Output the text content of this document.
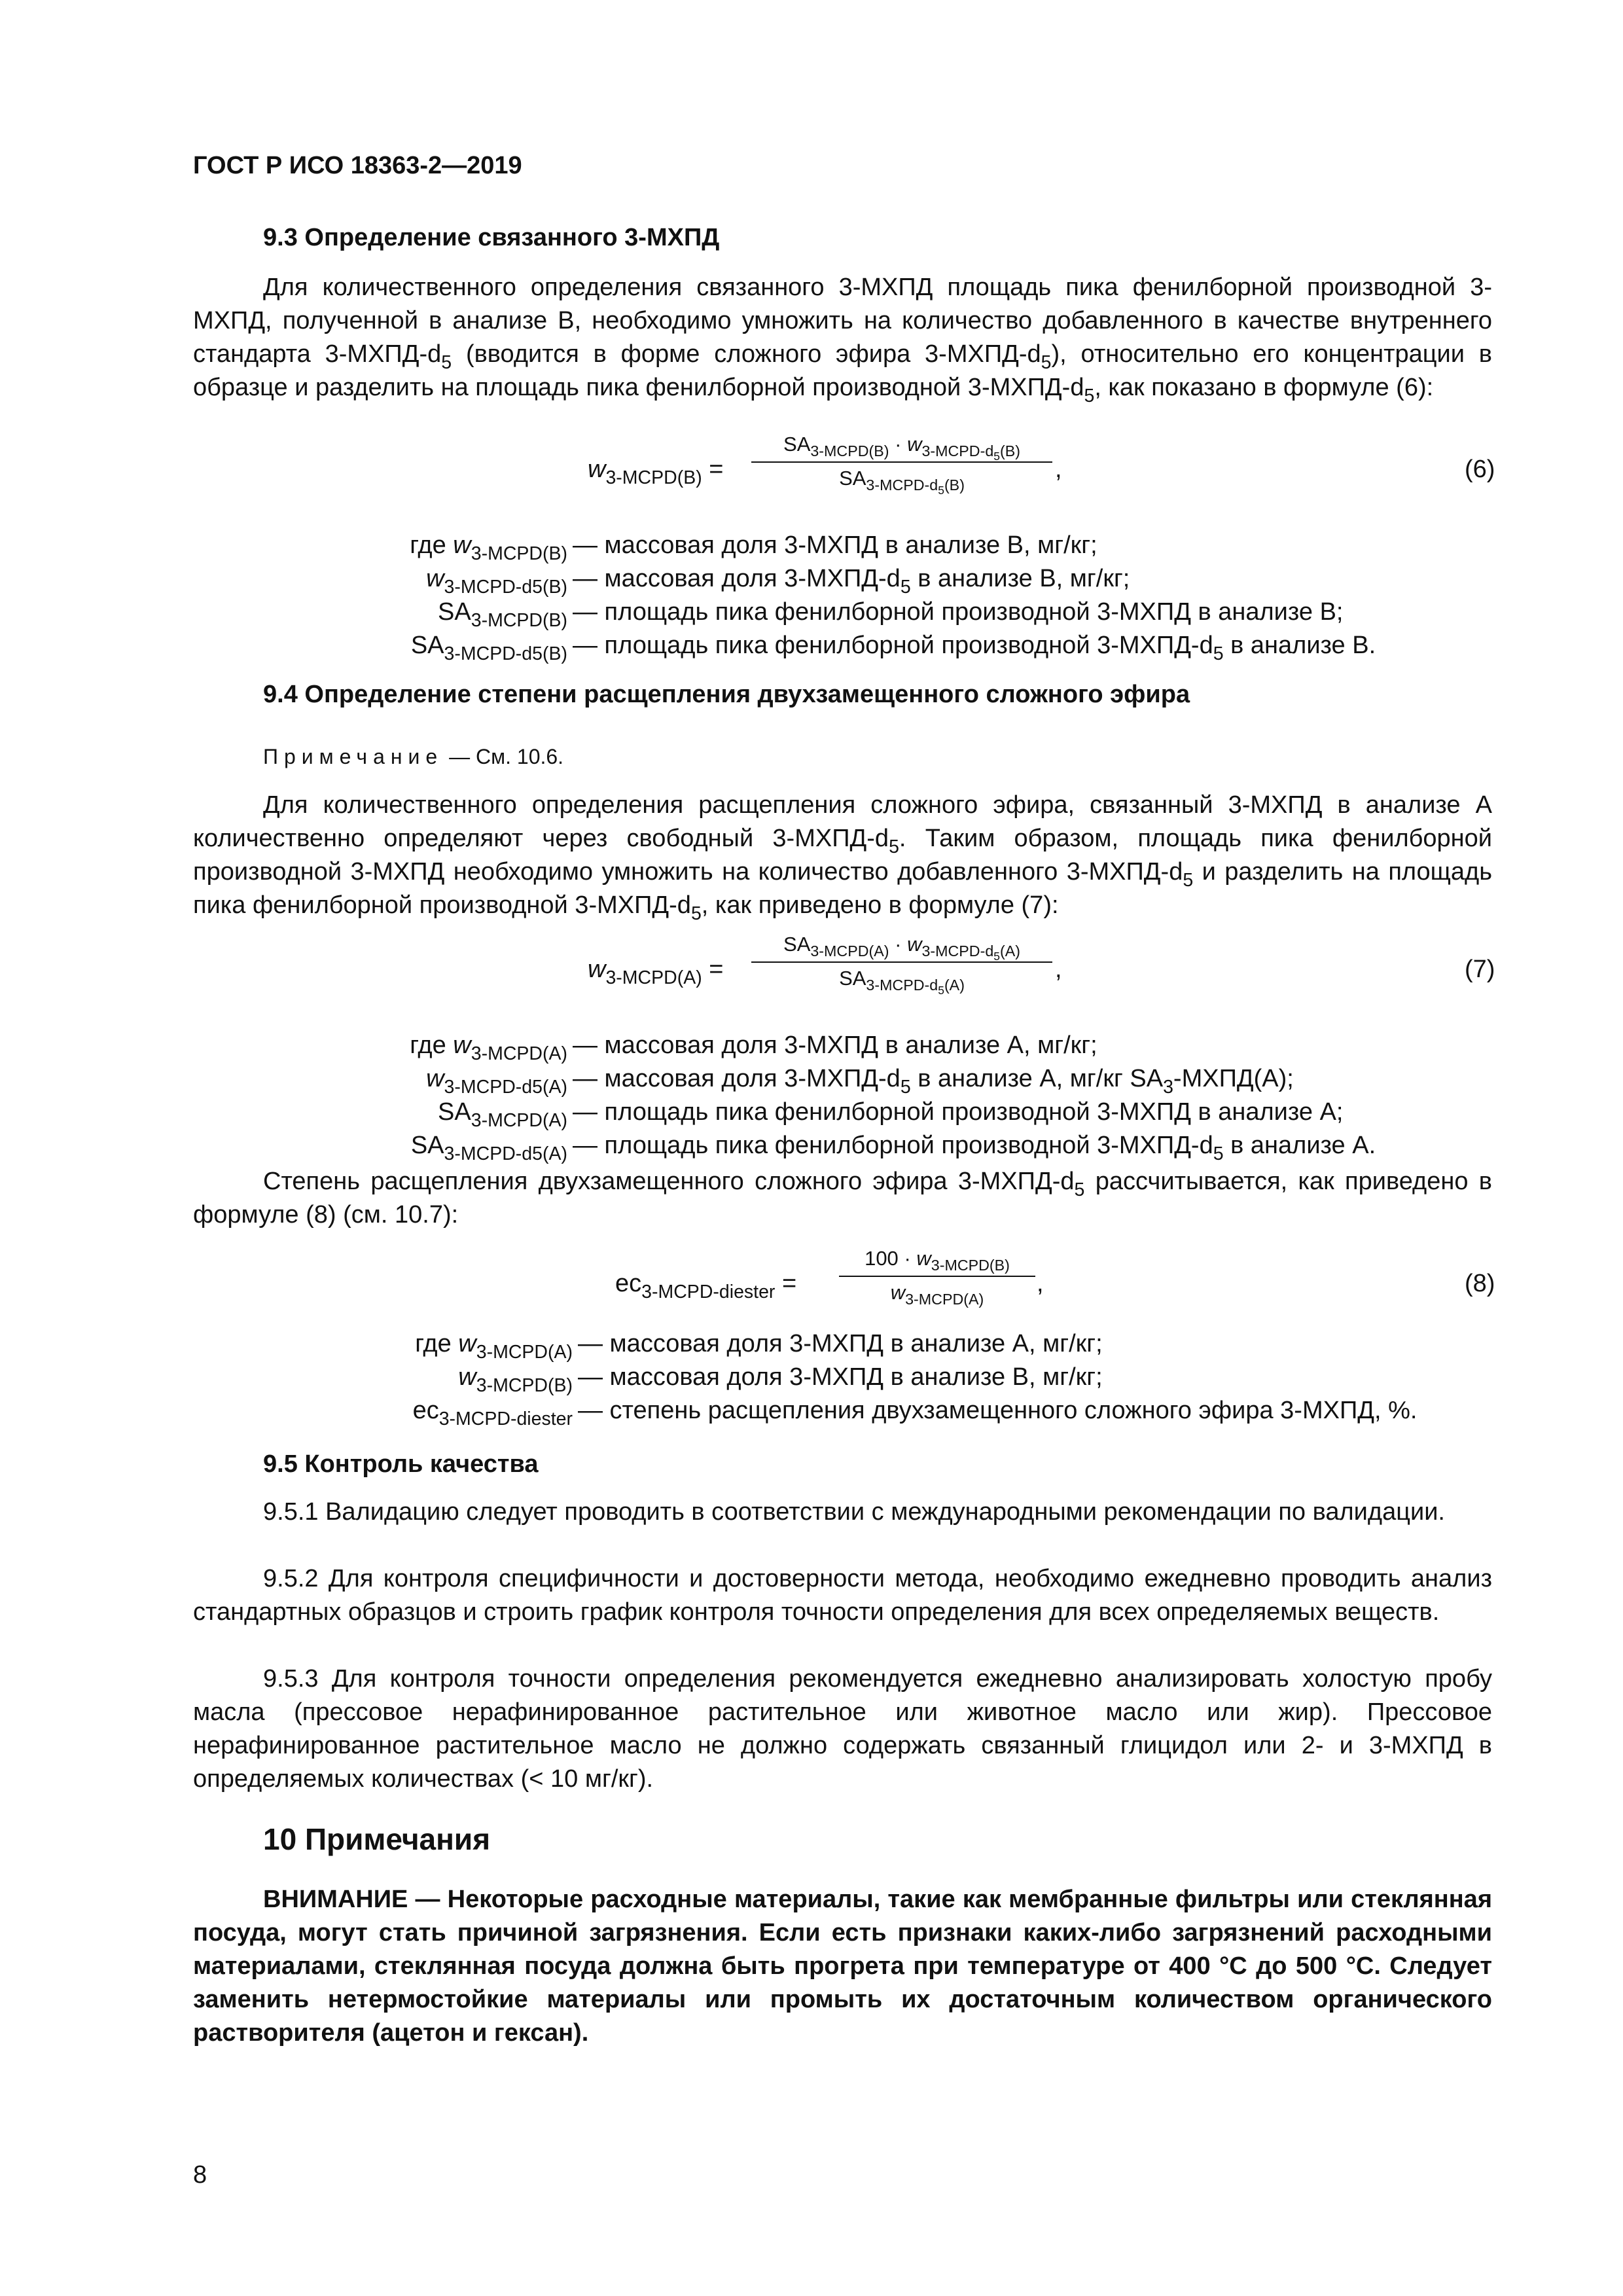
ГОСТ Р ИСО 18363-2—2019
9.3 Определение связанного 3-МХПД

Для количественного определения связанного 3-МХПД площадь пика фенилборной производной 3-МХПД, полученной в анализе В, необходимо умножить на количество добавленного в качестве внутреннего стандарта $3-МХПД-d_5$ (вводится в форме сложного эфира $3-МХПД-d_5$), относительно его концентрации в образце и разделить на площадь пика фенилборной производной $3-МХПД-d_5$, как показано в формуле (6):

$w_{3-MCPD(B)}$ =
$SA_{3-MCPD(B)} \cdot w_{3-MCPD-d_5(B)}$
$SA_{3-MCPD-d_5(B)}$
,	(6)
где $w_{3-MCPD(B)}$ — массовая доля 3-МХПД в анализе В, мг/кг;
$w_{3-MCPD-d5(B)}$ — массовая доля $3-МХПД-d_5$ в анализе В, мг/кг;
$SA_{3-MCPD(B)}$ — площадь пика фенилборной производной 3-МХПД в анализе В;
$SA_{3-MCPD-d5(B)}$ — площадь пика фенилборной производной $3-МХПД-d_5$ в анализе В.
9.4 Определение степени расщепления двухзамещенного сложного эфира
Примечание — См. 10.6.

Для количественного определения расщепления сложного эфира, связанный 3-МХПД в анализе А количественно определяют через свободный $3-МХПД-d_5$. Таким образом, площадь пика фенилборной производной 3-МХПД необходимо умножить на количество добавленного $3-МХПД-d_5$ и разделить на площадь пика фенилборной производной $3-МХПД-d_5$, как приведено в формуле (7):

$w_{3-MCPD(A)}$ =
$SA_{3-MCPD(A)} \cdot w_{3-MCPD-d_5(A)}$
$SA_{3-MCPD-d_5(A)}$
,	(7)
где $w_{3-MCPD(A)}$ — массовая доля 3-МХПД в анализе А, мг/кг;
$w_{3-MCPD-d5(A)}$ — массовая доля $3-МХПД-d_5$ в анализе А, мг/кг $SA_3-МХПД(А)$;
$SA_{3-MCPD(A)}$ — площадь пика фенилборной производной 3-МХПД в анализе А;
$SA_{3-MCPD-d5(A)}$ — площадь пика фенилборной производной $3-МХПД-d_5$ в анализе А.

Степень расщепления двухзамещенного сложного эфира $3-МХПД-d_5$ рассчитывается, как приведено в формуле (8) (см. 10.7):

$ec_{3-MCPD-diester}$ =
$100 \cdot w_{3-MCPD(B)}$
$w_{3-MCPD(A)}$
,	(8)
где $w_{3-MCPD(A)}$ — массовая доля 3-МХПД в анализе А, мг/кг;
$w_{3-MCPD(B)}$ — массовая доля 3-МХПД в анализе В, мг/кг;
$ec_{3-MCPD-diester}$ — степень расщепления двухзамещенного сложного эфира 3-МХПД, %.
9.5 Контроль качества

9.5.1 Валидацию следует проводить в соответствии с международными рекомендации по валидации.

9.5.2 Для контроля специфичности и достоверности метода, необходимо ежедневно проводить анализ стандартных образцов и строить график контроля точности определения для всех определяемых веществ.

9.5.3 Для контроля точности определения рекомендуется ежедневно анализировать холостую пробу масла (прессовое нерафинированное растительное или животное масло или жир). Прессовое нерафинированное растительное масло не должно содержать связанный глицидол или 2- и 3-МХПД в определяемых количествах (< 10 мг/кг).

10 Примечания

ВНИМАНИЕ — Некоторые расходные материалы, такие как мембранные фильтры или стеклянная посуда, могут стать причиной загрязнения. Если есть признаки каких-либо загрязнений расходными материалами, стеклянная посуда должна быть прогрета при температуре от 400 °С до 500 °С. Следует заменить нетермостойкие материалы или промыть их достаточным количеством органического растворителя (ацетон и гексан).

8
